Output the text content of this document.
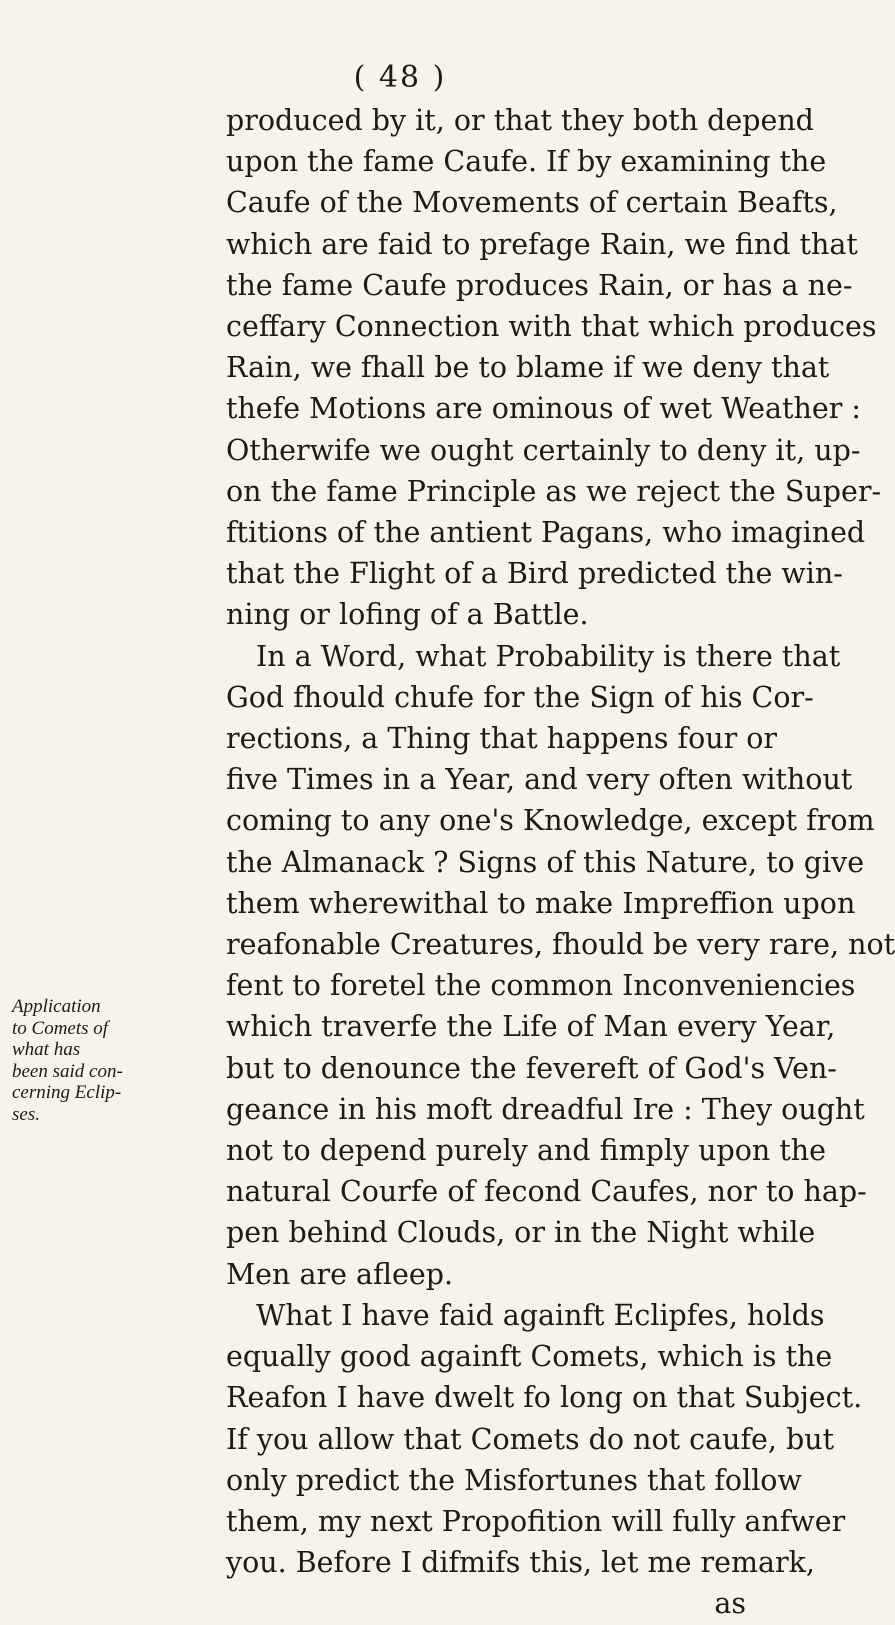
( 48 )
Application
to Comets of
what has
been said con-
cerning Eclip-
ses.
produced by it, or that they both depend
upon the fame Caufe. If by examining the
Caufe of the Movements of certain Beafts,
which are faid to prefage Rain, we find that
the fame Caufe produces Rain, or has a ne-
ceffary Connection with that which produces
Rain, we fhall be to blame if we deny that
thefe Motions are ominous of wet Weather :
Otherwife we ought certainly to deny it, up-
on the fame Principle as we reject the Super-
ftitions of the antient Pagans, who imagined
that the Flight of a Bird predicted the win-
ning or lofing of a Battle.
In a Word, what Probability is there that
God fhould chufe for the Sign of his Cor-
rections, a Thing that happens four or
five Times in a Year, and very often without
coming to any one's Knowledge, except from
the Almanack ? Signs of this Nature, to give
them wherewithal to make Impreffion upon
reafonable Creatures, fhould be very rare, not
fent to foretel the common Inconveniencies
which traverfe the Life of Man every Year,
but to denounce the fevereft of God's Ven-
geance in his moft dreadful Ire : They ought
not to depend purely and fimply upon the
natural Courfe of fecond Caufes, nor to hap-
pen behind Clouds, or in the Night while
Men are afleep.
What I have faid againft Eclipfes, holds
equally good againft Comets, which is the
Reafon I have dwelt fo long on that Subject.
If you allow that Comets do not caufe, but
only predict the Misfortunes that follow
them, my next Propofition will fully anfwer
you. Before I difmifs this, let me remark,
as
